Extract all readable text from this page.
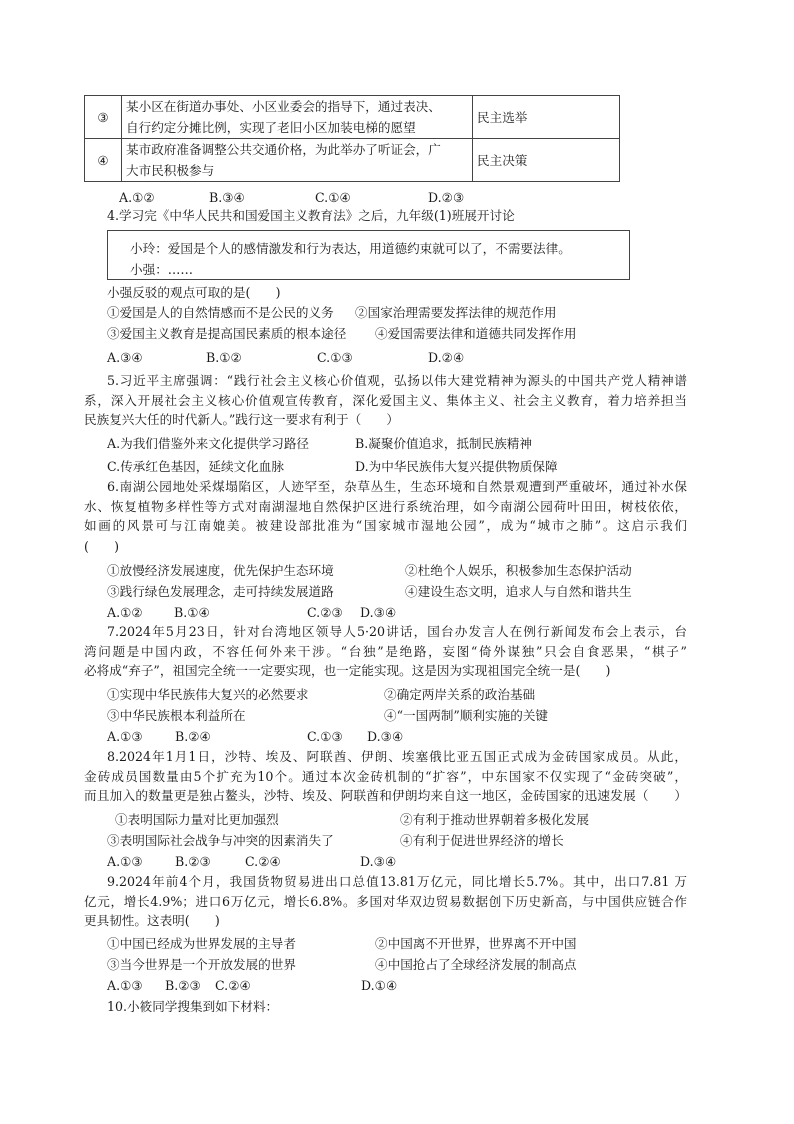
③	某小区在街道办事处、小区业委会的指导下，通过表决、
自行约定分摊比例，实现了老旧小区加装电梯的愿望	民主选举
④	某市政府准备调整公共交通价格，为此举办了听证会，广
大市民积极参与	民主决策
A.①②	B.③④	C.①④	D.②③
4.学习完《中华人民共和国爱国主义教育法》之后，九年级(1)班展开讨论
小玲：爱国是个人的感情激发和行为表达，用道德约束就可以了，不需要法律。
小强：……
小强反驳的观点可取的是(　　)
①爱国是人的自然情感而不是公民的义务 ②国家治理需要发挥法律的规范作用
③爱国主义教育是提高国民素质的根本途径 ④爱国需要法律和道德共同发挥作用
A.③④	B.①②	C.①③	D.②④
5.习近平主席强调：“践行社会主义核心价值观，弘扬以伟大建党精神为源头的中国共产党人精神谱
系，深入开展社会主义核心价值观宣传教育，深化爱国主义、集体主义、社会主义教育，着力培养担当
民族复兴大任的时代新人。”践行这一要求有利于（　　）
A.为我们借鉴外来文化提供学习路径	B.凝聚价值追求，抵制民族精神
C.传承红色基因，延续文化血脉	D.为中华民族伟大复兴提供物质保障
6.南湖公园地处采煤塌陷区，人迹罕至，杂草丛生，生态环境和自然景观遭到严重破坏，通过补水保
水、恢复植物多样性等方式对南湖湿地自然保护区进行系统治理，如今南湖公园荷叶田田，树枝依依，
如画的风景可与江南媲美。被建设部批准为“国家城市湿地公园”，成为“城市之肺”。这启示我们
(　　)
①放慢经济发展速度，优先保护生态环境	②杜绝个人娱乐，积极参加生态保护活动
③践行绿色发展理念，走可持续发展道路	④建设生态文明，追求人与自然和谐共生
A.①② B.①④	C.②③ D.③④
7.2024年5月23日，针对台湾地区领导人5·20讲话，国台办发言人在例行新闻发布会上表示，台
湾问题是中国内政，不容任何外来干涉。“台独”是绝路，妄图“倚外谋独”只会自食恶果，“棋子”
必将成“弃子”，祖国完全统一一定要实现，也一定能实现。这是因为实现祖国完全统一是(　　)
①实现中华民族伟大复兴的必然要求	②确定两岸关系的政治基础
③中华民族根本利益所在	④“一国两制”顺利实施的关键
A.①③	B.②④	C.①③ D.③④
8.2024年1月1日，沙特、埃及、阿联酋、伊朗、埃塞俄比亚五国正式成为金砖国家成员。从此，
金砖成员国数量由5个扩充为10个。通过本次金砖机制的“扩容”，中东国家不仅实现了“金砖突破”，
而且加入的数量更是独占鳌头，沙特、埃及、阿联酋和伊朗均来自这一地区，金砖国家的迅速发展（　　）
①表明国际力量对比更加强烈	②有利于推动世界朝着多极化发展
③表明国际社会战争与冲突的因素消失了	④有利于促进世界经济的增长
A.①③	B.②③	C.②④	D.③④
9.2024年前4个月，我国货物贸易进出口总值13.81万亿元，同比增长5.7%。其中，出口7.81 万
亿元，增长4.9%；进口6万亿元，增长6.8%。多国对华双边贸易数据创下历史新高，与中国供应链合作
更具韧性。这表明(　　)
①中国已经成为世界发展的主导者	②中国离不开世界，世界离不开中国
③当今世界是一个开放发展的世界	④中国抢占了全球经济发展的制高点
A.①③ B.②③ C.②④	D.①④
10.小筱同学搜集到如下材料：
